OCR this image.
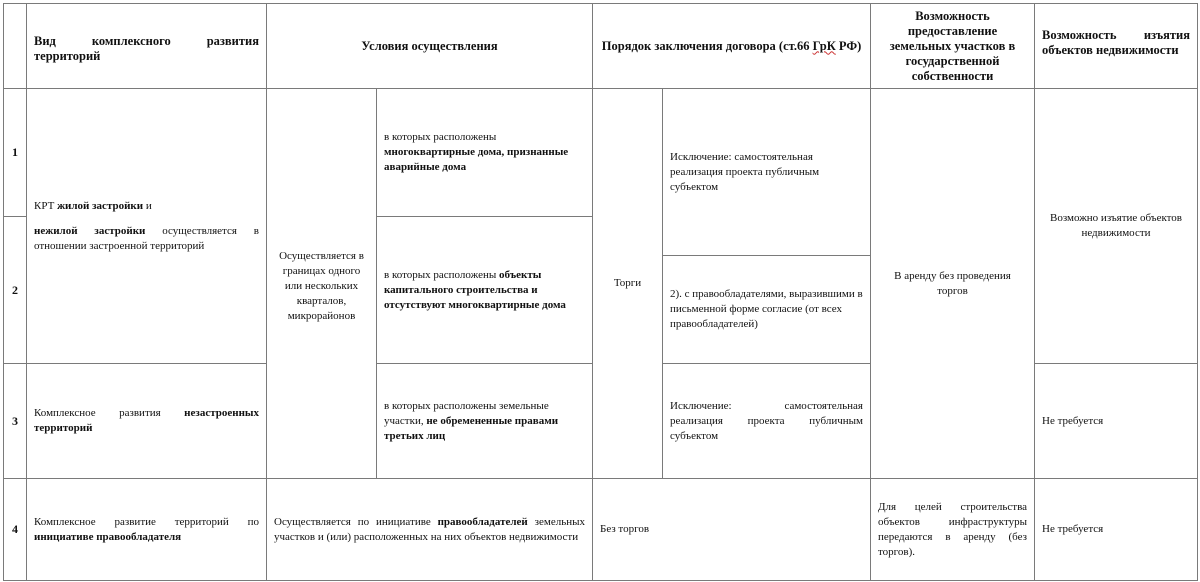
Вид комплексного развития территорий
Условия осуществления	Порядок заключения договора (ст.66 ГрК РФ)
Возможность предоставление земельных участков в государственной собственности
Возможность изъятия объектов недвижимости
1
2
3
4
КРТ жилой застройки и
нежилой застройки осуществляется в отношении застроенной территорий
Осуществляется в границах одного или нескольких кварталов, микрорайонов
в которых расположены многоквартирные дома, признанные аварийные дома
в которых расположены объекты капитального строительства и отсутствуют многоквартирные дома
в которых расположены земельные участки, не обремененные правами третьих лиц
Торги
Исключение: самостоятельная реализация проекта публичным субъектом
2). с правообладателями, выразившими в письменной форме согласие (от всех правообладателей)
Исключение: самостоятельная реализация проекта публичным субъектом
В аренду без проведения торгов
Возможно изъятие объектов недвижимости
Не требуется
Комплексное развития незастроенных территорий
Комплексное развитие территорий по инициативе правообладателя
Осуществляется по инициативе правообладателей земельных участков и (или) расположенных на них объектов недвижимости
Без торгов
Для целей строительства объектов инфраструктуры передаются в аренду (без торгов).
Не требуется
